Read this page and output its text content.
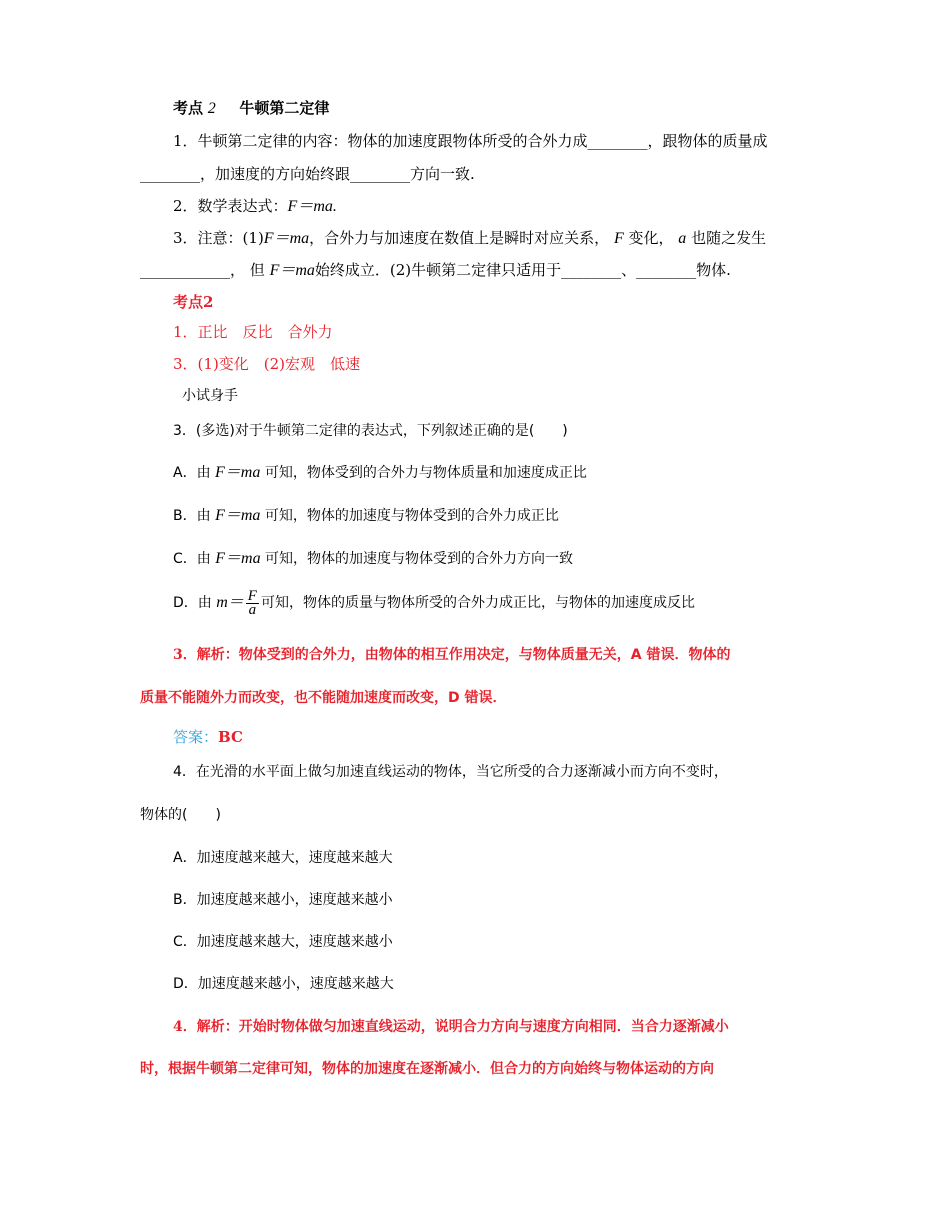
考点 2 牛顿第二定律
1．牛顿第二定律的内容：物体的加速度跟物体所受的合外力成________，跟物体的质量成
________，加速度的方向始终跟________方向一致.
2．数学表达式：F＝ma.
3．注意：(1)F＝ma，合外力与加速度在数值上是瞬时对应关系， F 变化， a 也随之发生
____________， 但 F＝ma始终成立．(2)牛顿第二定律只适用于________、________物体.
考点2
1．正比　反比　合外力
3．(1)变化　(2)宏观　低速
小试身手
3．(多选)对于牛顿第二定律的表达式，下列叙述正确的是(　　)
A．由 F＝ma 可知，物体受到的合外力与物体质量和加速度成正比
B．由 F＝ma 可知，物体的加速度与物体受到的合外力成正比
C．由 F＝ma 可知，物体的加速度与物体受到的合外力方向一致
D．由 $m= \frac{F}{a}$ 可知，物体的质量与物体所受的合外力成正比，与物体的加速度成反比
3．解析：物体受到的合外力，由物体的相互作用决定，与物体质量无关，A 错误．物体的
质量不能随外力而改变，也不能随加速度而改变，D 错误．
答案：BC
4．在光滑的水平面上做匀加速直线运动的物体，当它所受的合力逐渐减小而方向不变时，
物体的(　　)
A．加速度越来越大，速度越来越大
B．加速度越来越小，速度越来越小
C．加速度越来越大，速度越来越小
D．加速度越来越小，速度越来越大
4．解析：开始时物体做匀加速直线运动，说明合力方向与速度方向相同．当合力逐渐减小
时，根据牛顿第二定律可知，物体的加速度在逐渐减小．但合力的方向始终与物体运动的方向
